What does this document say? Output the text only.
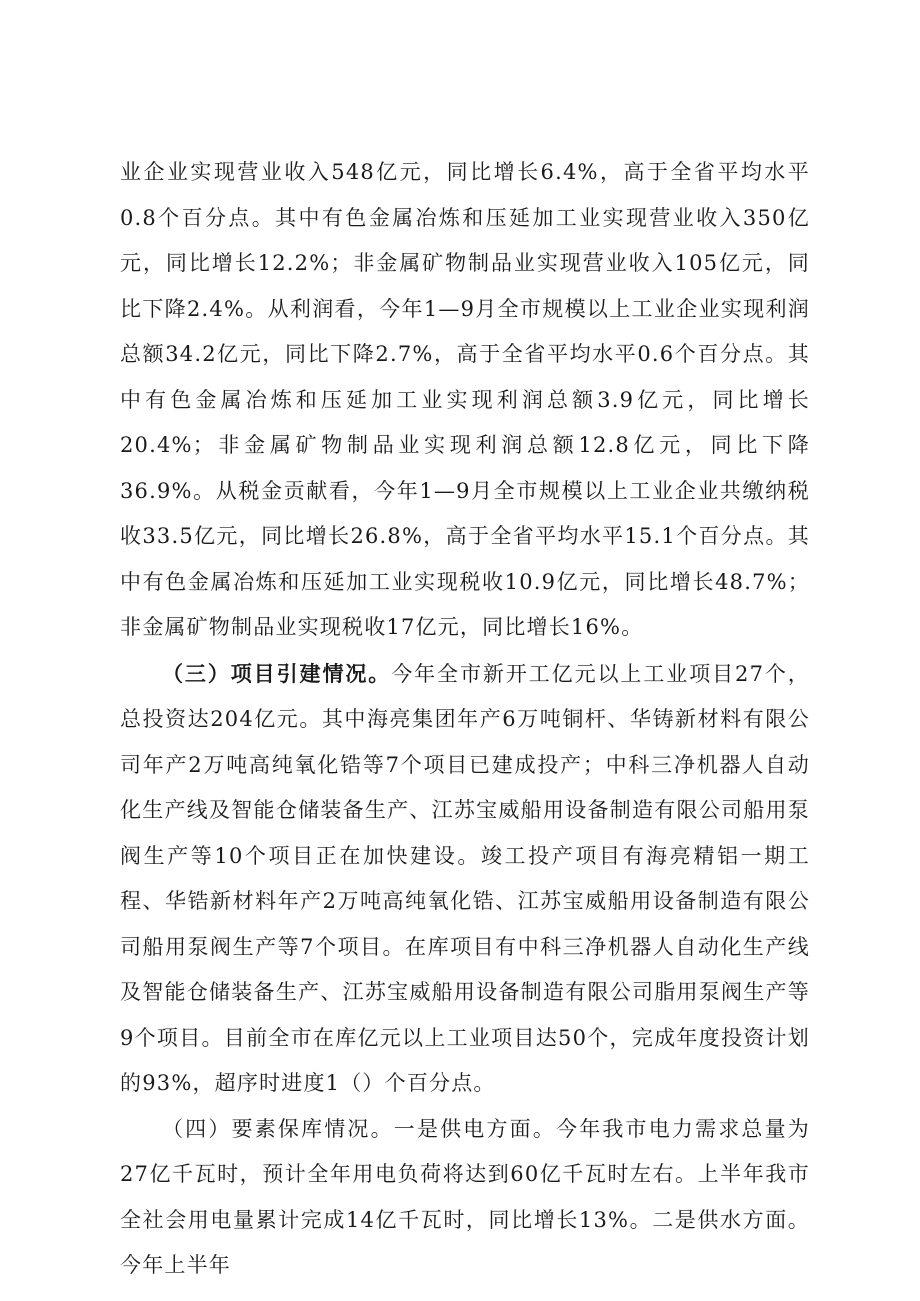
业企业实现营业收入548亿元，同比增长6.4%，高于全省平均水平0.8个百分点。其中有色金属冶炼和压延加工业实现营业收入350亿元，同比增长12.2%；非金属矿物制品业实现营业收入105亿元，同比下降2.4%。从利润看，今年1—9月全市规模以上工业企业实现利润总额34.2亿元，同比下降2.7%，高于全省平均水平0.6个百分点。其中有色金属冶炼和压延加工业实现利润总额3.9亿元，同比增长20.4%；非金属矿物制品业实现利润总额12.8亿元，同比下降36.9%。从税金贡献看，今年1—9月全市规模以上工业企业共缴纳税收33.5亿元，同比增长26.8%，高于全省平均水平15.1个百分点。其中有色金属冶炼和压延加工业实现税收10.9亿元，同比增长48.7%；非金属矿物制品业实现税收17亿元，同比增长16%。

（三）项目引建情况。今年全市新开工亿元以上工业项目27个，总投资达204亿元。其中海亮集团年产6万吨铜杆、华铸新材料有限公司年产2万吨高纯氧化锆等7个项目已建成投产；中科三净机器人自动化生产线及智能仓储装备生产、江苏宝威船用设备制造有限公司船用泵阀生产等10个项目正在加快建设。竣工投产项目有海亮精铝一期工程、华锆新材料年产2万吨高纯氧化锆、江苏宝威船用设备制造有限公司船用泵阀生产等7个项目。在库项目有中科三净机器人自动化生产线及智能仓储装备生产、江苏宝威船用设备制造有限公司脂用泵阀生产等9个项目。目前全市在库亿元以上工业项目达50个，完成年度投资计划的93%，超序时进度1（）个百分点。

（四）要素保库情况。一是供电方面。今年我市电力需求总量为27亿千瓦时，预计全年用电负荷将达到60亿千瓦时左右。上半年我市全社会用电量累计完成14亿千瓦时，同比增长13%。二是供水方面。今年上半年
